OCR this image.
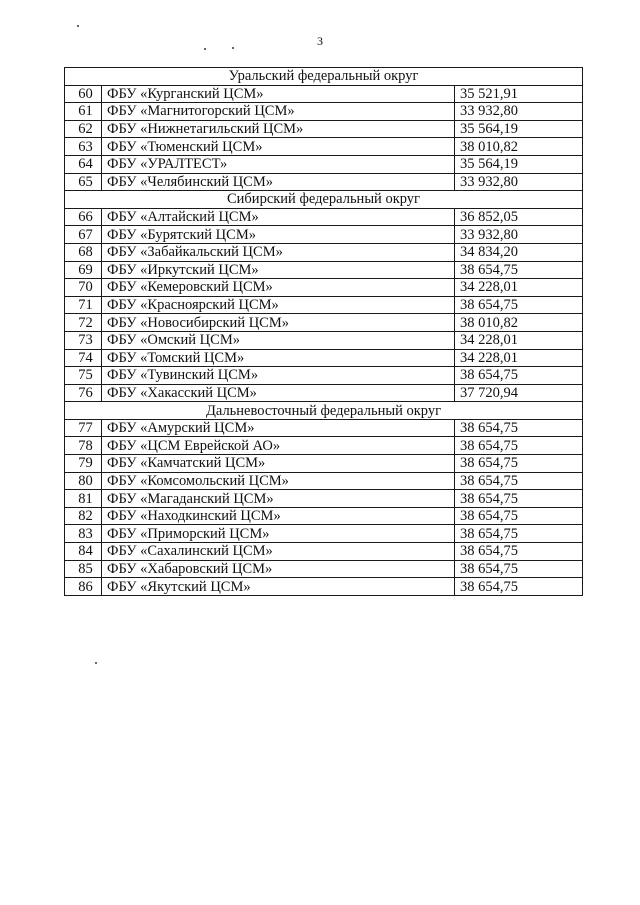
3
Уральский федеральный округ		
60	ФБУ «Курганский ЦСМ»	35 521,91
61	ФБУ «Магнитогорский ЦСМ»	33 932,80
62	ФБУ «Нижнетагильский ЦСМ»	35 564,19
63	ФБУ «Тюменский ЦСМ»	38 010,82
64	ФБУ «УРАЛТЕСТ»	35 564,19
65	ФБУ «Челябинский ЦСМ»	33 932,80
Сибирский федеральный округ		
66	ФБУ «Алтайский ЦСМ»	36 852,05
67	ФБУ «Бурятский ЦСМ»	33 932,80
68	ФБУ «Забайкальский ЦСМ»	34 834,20
69	ФБУ «Иркутский ЦСМ»	38 654,75
70	ФБУ «Кемеровский ЦСМ»	34 228,01
71	ФБУ «Красноярский ЦСМ»	38 654,75
72	ФБУ «Новосибирский ЦСМ»	38 010,82
73	ФБУ «Омский ЦСМ»	34 228,01
74	ФБУ «Томский ЦСМ»	34 228,01
75	ФБУ «Тувинский ЦСМ»	38 654,75
76	ФБУ «Хакасский ЦСМ»	37 720,94
Дальневосточный федеральный округ		
77	ФБУ «Амурский ЦСМ»	38 654,75
78	ФБУ «ЦСМ Еврейской АО»	38 654,75
79	ФБУ «Камчатский ЦСМ»	38 654,75
80	ФБУ «Комсомольский ЦСМ»	38 654,75
81	ФБУ «Магаданский ЦСМ»	38 654,75
82	ФБУ «Находкинский ЦСМ»	38 654,75
83	ФБУ «Приморский ЦСМ»	38 654,75
84	ФБУ «Сахалинский ЦСМ»	38 654,75
85	ФБУ «Хабаровский ЦСМ»	38 654,75
86	ФБУ «Якутский ЦСМ»	38 654,75
